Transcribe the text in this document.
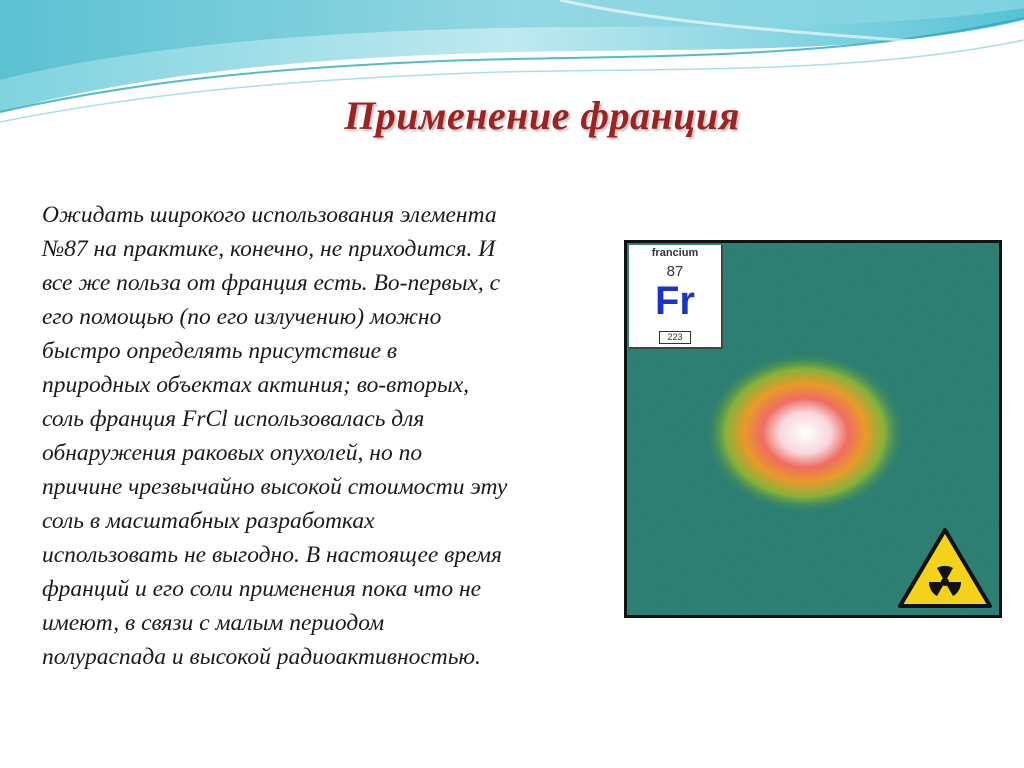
Применение франция
Ожидать широкого использования элемента
№87 на практике, конечно, не приходится. И
все же польза от франция есть. Во-первых, с
его помощью (по его излучению) можно
быстро определять присутствие в
природных объектах актиния; во-вторых,
соль франция FrCl использовалась для
обнаружения раковых опухолей, но по
причине чрезвычайно высокой стоимости эту
соль в масштабных разработках
использовать не выгодно. В настоящее время
франций и его соли применения пока что не
имеют, в связи с малым периодом
полураспада и высокой радиоактивностью.
francium
87
Fr
223
